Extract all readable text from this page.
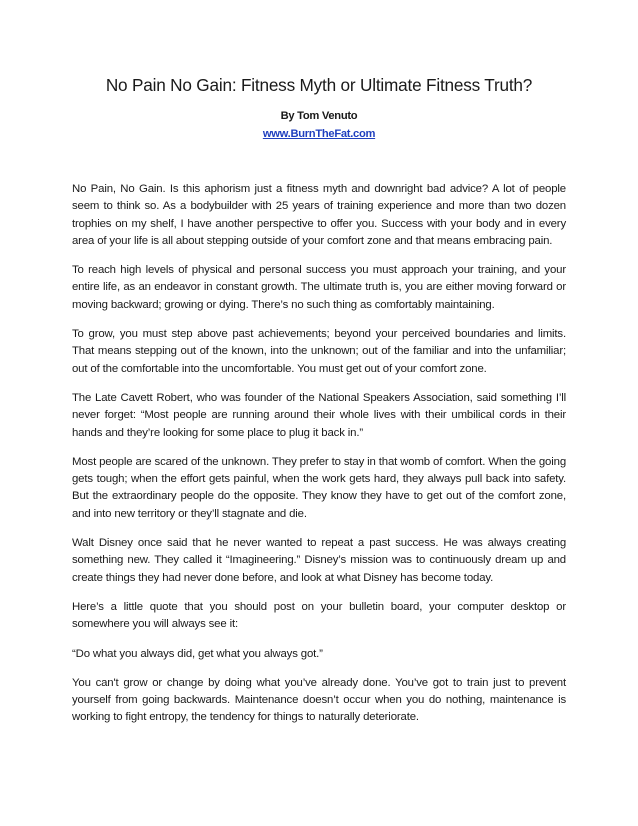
No Pain No Gain: Fitness Myth or Ultimate Fitness Truth?

By Tom Venuto

www.BurnTheFat.com

No Pain, No Gain. Is this aphorism just a fitness myth and downright bad advice? A lot of people seem to think so. As a bodybuilder with 25 years of training experience and more than two dozen trophies on my shelf, I have another perspective to offer you. Success with your body and in every area of your life is all about stepping outside of your comfort zone and that means embracing pain.

To reach high levels of physical and personal success you must approach your training, and your entire life, as an endeavor in constant growth. The ultimate truth is, you are either moving forward or moving backward; growing or dying. There’s no such thing as comfortably maintaining.

To grow, you must step above past achievements; beyond your perceived boundaries and limits. That means stepping out of the known, into the unknown; out of the familiar and into the unfamiliar; out of the comfortable into the uncomfortable. You must get out of your comfort zone.

The Late Cavett Robert, who was founder of the National Speakers Association, said something I’ll never forget: “Most people are running around their whole lives with their umbilical cords in their hands and they’re looking for some place to plug it back in.”

Most people are scared of the unknown. They prefer to stay in that womb of comfort. When the going gets tough; when the effort gets painful, when the work gets hard, they always pull back into safety. But the extraordinary people do the opposite. They know they have to get out of the comfort zone, and into new territory or they’ll stagnate and die.

Walt Disney once said that he never wanted to repeat a past success. He was always creating something new. They called it “Imagineering.” Disney’s mission was to continuously dream up and create things they had never done before, and look at what Disney has become today.

Here’s a little quote that you should post on your bulletin board, your computer desktop or somewhere you will always see it:

“Do what you always did, get what you always got.”

You can't grow or change by doing what you’ve already done. You’ve got to train just to prevent yourself from going backwards. Maintenance doesn’t occur when you do nothing, maintenance is working to fight entropy, the tendency for things to naturally deteriorate.
